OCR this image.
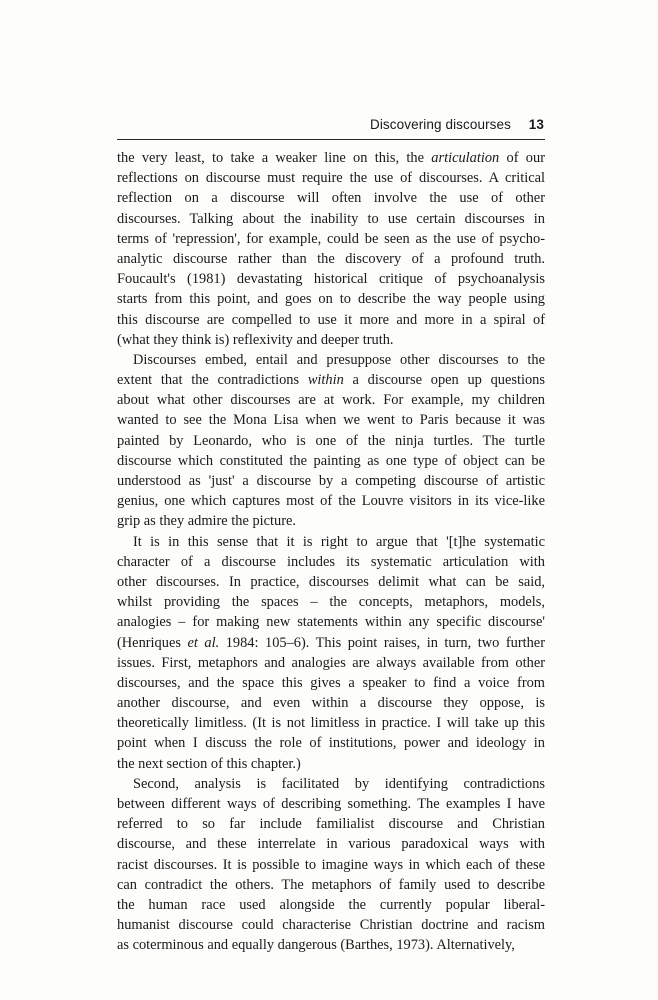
Discovering discourses 13

the very least, to take a weaker line on this, the articulation of our
reflections on discourse must require the use of discourses. A critical
reflection on a discourse will often involve the use of other
discourses. Talking about the inability to use certain discourses in
terms of 'repression', for example, could be seen as the use of psycho-
analytic discourse rather than the discovery of a profound truth.
Foucault's (1981) devastating historical critique of psychoanalysis
starts from this point, and goes on to describe the way people using
this discourse are compelled to use it more and more in a spiral of
(what they think is) reflexivity and deeper truth.

Discourses embed, entail and presuppose other discourses to the
extent that the contradictions within a discourse open up questions
about what other discourses are at work. For example, my children
wanted to see the Mona Lisa when we went to Paris because it was
painted by Leonardo, who is one of the ninja turtles. The turtle
discourse which constituted the painting as one type of object can be
understood as 'just' a discourse by a competing discourse of artistic
genius, one which captures most of the Louvre visitors in its vice-like
grip as they admire the picture.

It is in this sense that it is right to argue that '[t]he systematic
character of a discourse includes its systematic articulation with
other discourses. In practice, discourses delimit what can be said,
whilst providing the spaces – the concepts, metaphors, models,
analogies – for making new statements within any specific discourse'
(Henriques et al. 1984: 105–6). This point raises, in turn, two further
issues. First, metaphors and analogies are always available from other
discourses, and the space this gives a speaker to find a voice from
another discourse, and even within a discourse they oppose, is
theoretically limitless. (It is not limitless in practice. I will take up this
point when I discuss the role of institutions, power and ideology in
the next section of this chapter.)

Second, analysis is facilitated by identifying contradictions
between different ways of describing something. The examples I have
referred to so far include familialist discourse and Christian
discourse, and these interrelate in various paradoxical ways with
racist discourses. It is possible to imagine ways in which each of these
can contradict the others. The metaphors of family used to describe
the human race used alongside the currently popular liberal-
humanist discourse could characterise Christian doctrine and racism
as coterminous and equally dangerous (Barthes, 1973). Alternatively,
